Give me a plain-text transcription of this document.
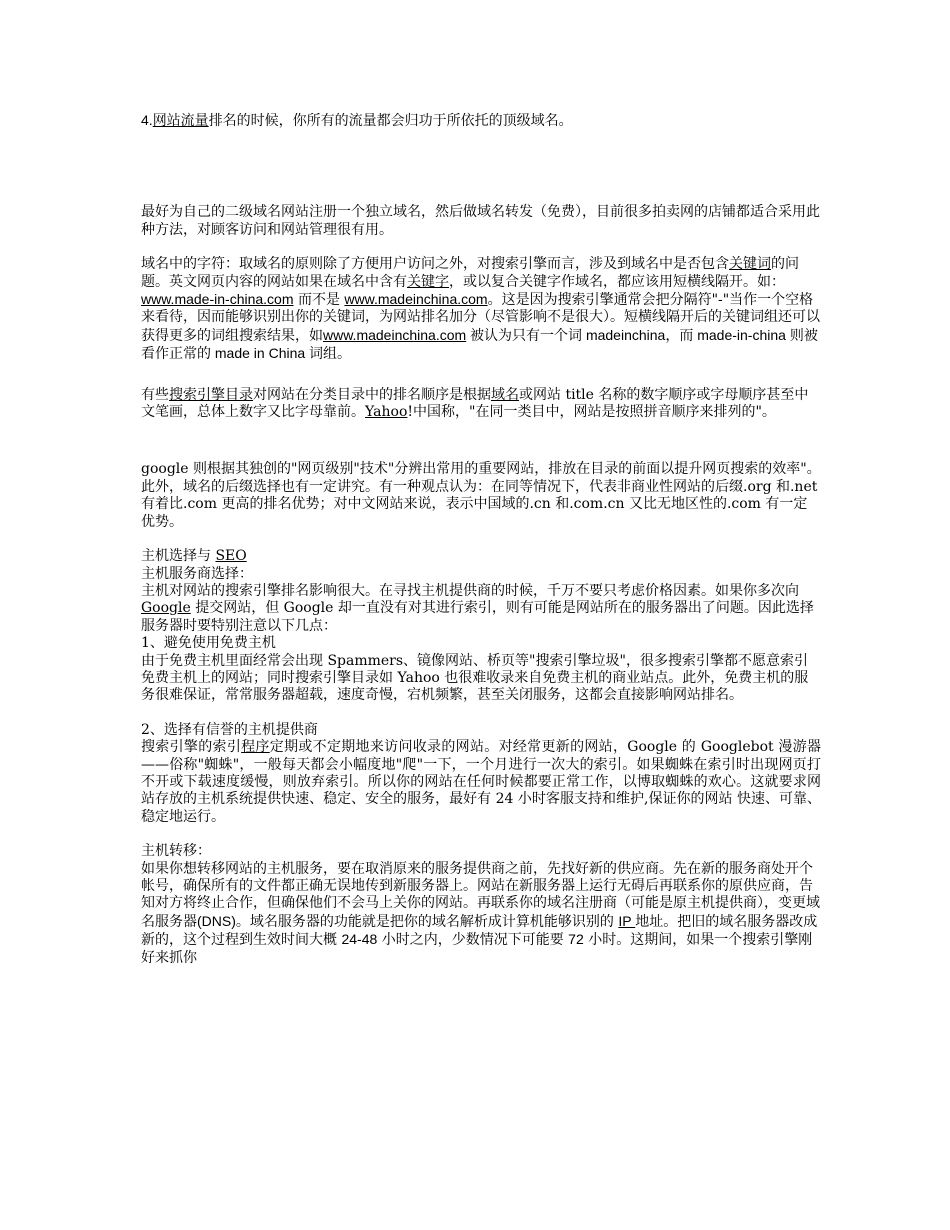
4.网站流量排名的时候，你所有的流量都会归功于所依托的顶级域名。

最好为自己的二级域名网站注册一个独立域名，然后做域名转发（免费），目前很多拍卖网的店铺都适合采用此种方法，对顾客访问和网站管理很有用。

域名中的字符：取域名的原则除了方便用户访问之外，对搜索引擎而言，涉及到域名中是否包含关键词的问题。英文网页内容的网站如果在域名中含有关键字，或以复合关键字作域名，都应该用短横线隔开。如：www.made-in-china.com 而不是 www.madeinchina.com。这是因为搜索引擎通常会把分隔符"-"当作一个空格来看待，因而能够识别出你的关键词，为网站排名加分（尽管影响不是很大）。短横线隔开后的关键词组还可以获得更多的词组搜索结果，如www.madeinchina.com 被认为只有一个词 madeinchina，而 made-in-china 则被看作正常的 made in China 词组。

有些搜索引擎目录对网站在分类目录中的排名顺序是根据域名或网站 title 名称的数字顺序或字母顺序甚至中文笔画，总体上数字又比字母靠前。Yahoo!中国称，"在同一类目中，网站是按照拼音顺序来排列的"。

google 则根据其独创的"网页级别"技术"分辨出常用的重要网站，排放在目录的前面以提升网页搜索的效率"。此外，域名的后缀选择也有一定讲究。有一种观点认为：在同等情况下，代表非商业性网站的后缀.org 和.net 有着比.com 更高的排名优势；对中文网站来说，表示中国域的.cn 和.com.cn 又比无地区性的.com 有一定优势。

主机选择与 SEO

主机服务商选择：

主机对网站的搜索引擎排名影响很大。在寻找主机提供商的时候，千万不要只考虑价格因素。如果你多次向 Google 提交网站，但 Google 却一直没有对其进行索引，则有可能是网站所在的服务器出了问题。因此选择服务器时要特别注意以下几点：

1、避免使用免费主机

由于免费主机里面经常会出现 Spammers、镜像网站、桥页等"搜索引擎垃圾"，很多搜索引擎都不愿意索引免费主机上的网站；同时搜索引擎目录如 Yahoo 也很难收录来自免费主机的商业站点。此外，免费主机的服务很难保证，常常服务器超载，速度奇慢，宕机频繁，甚至关闭服务，这都会直接影响网站排名。

2、选择有信誉的主机提供商

搜索引擎的索引程序定期或不定期地来访问收录的网站。对经常更新的网站，Google 的 Googlebot 漫游器——俗称"蜘蛛"，一般每天都会小幅度地"爬"一下，一个月进行一次大的索引。如果蜘蛛在索引时出现网页打不开或下载速度缓慢，则放弃索引。所以你的网站在任何时候都要正常工作，以博取蜘蛛的欢心。这就要求网站存放的主机系统提供快速、稳定、安全的服务，最好有 24 小时客服支持和维护,保证你的网站 快速、可靠、稳定地运行。

主机转移：

如果你想转移网站的主机服务，要在取消原来的服务提供商之前，先找好新的供应商。先在新的服务商处开个帐号，确保所有的文件都正确无误地传到新服务器上。网站在新服务器上运行无碍后再联系你的原供应商，告知对方将终止合作，但确保他们不会马上关你的网站。再联系你的域名注册商（可能是原主机提供商），变更域名服务器(DNS)。域名服务器的功能就是把你的域名解析成计算机能够识别的 IP 地址。把旧的域名服务器改成新的，这个过程到生效时间大概 24-48 小时之内，少数情况下可能要 72 小时。这期间，如果一个搜索引擎刚好来抓你
